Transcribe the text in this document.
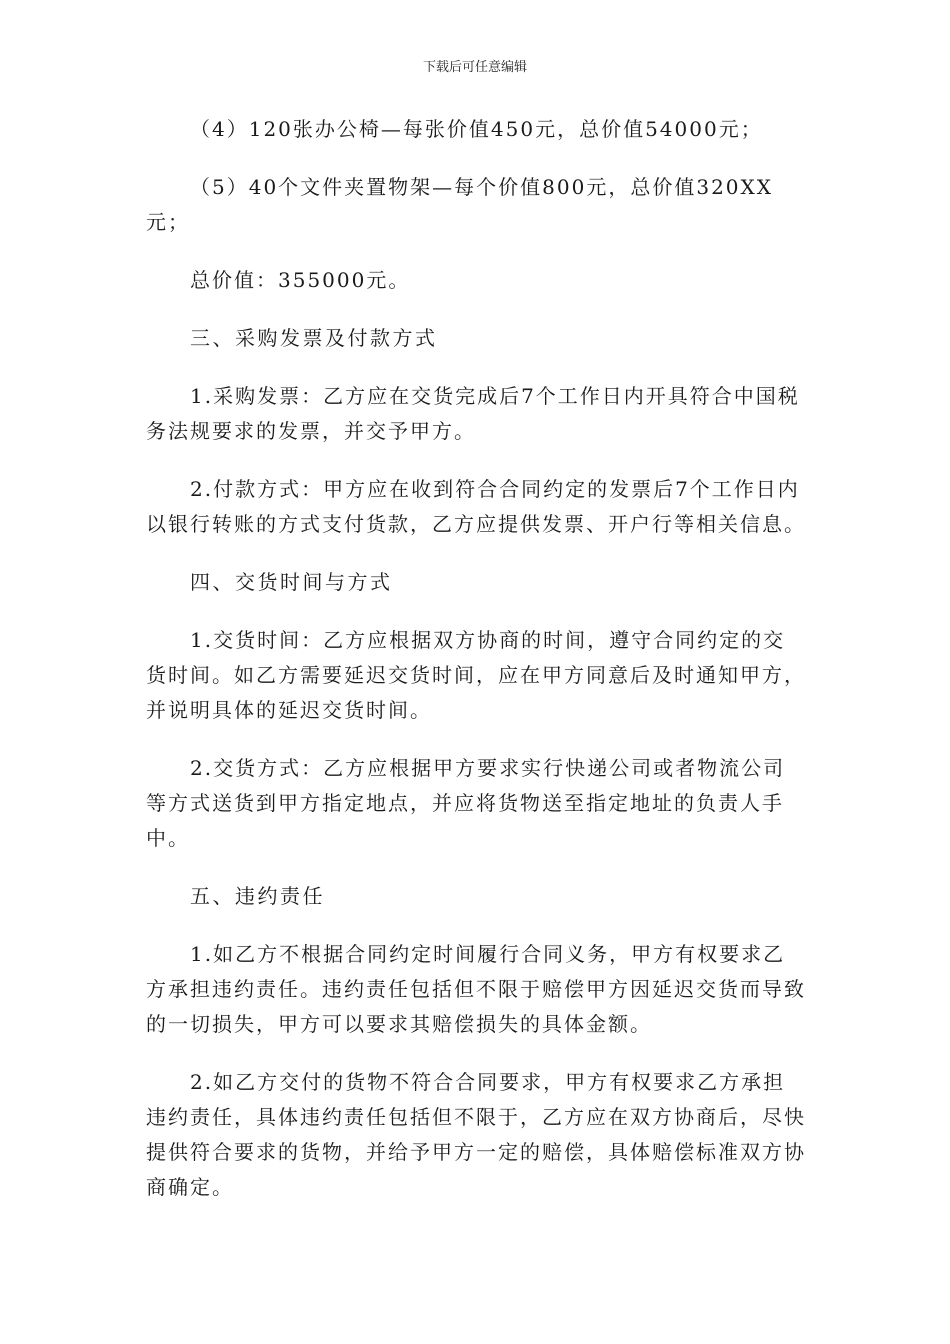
下载后可任意编辑

（4）120张办公椅—每张价值450元，总价值54000元；

（5）40个文件夹置物架—每个价值800元，总价值320XX元；

总价值：355000元。

三、采购发票及付款方式

1.采购发票：乙方应在交货完成后7个工作日内开具符合中国税务法规要求的发票，并交予甲方。

2.付款方式：甲方应在收到符合合同约定的发票后7个工作日内以银行转账的方式支付货款，乙方应提供发票、开户行等相关信息。

四、交货时间与方式

1.交货时间：乙方应根据双方协商的时间，遵守合同约定的交货时间。如乙方需要延迟交货时间，应在甲方同意后及时通知甲方，并说明具体的延迟交货时间。

2.交货方式：乙方应根据甲方要求实行快递公司或者物流公司等方式送货到甲方指定地点，并应将货物送至指定地址的负责人手中。

五、违约责任

1.如乙方不根据合同约定时间履行合同义务，甲方有权要求乙方承担违约责任。违约责任包括但不限于赔偿甲方因延迟交货而导致的一切损失，甲方可以要求其赔偿损失的具体金额。

2.如乙方交付的货物不符合合同要求，甲方有权要求乙方承担违约责任，具体违约责任包括但不限于，乙方应在双方协商后，尽快提供符合要求的货物，并给予甲方一定的赔偿，具体赔偿标准双方协商确定。
